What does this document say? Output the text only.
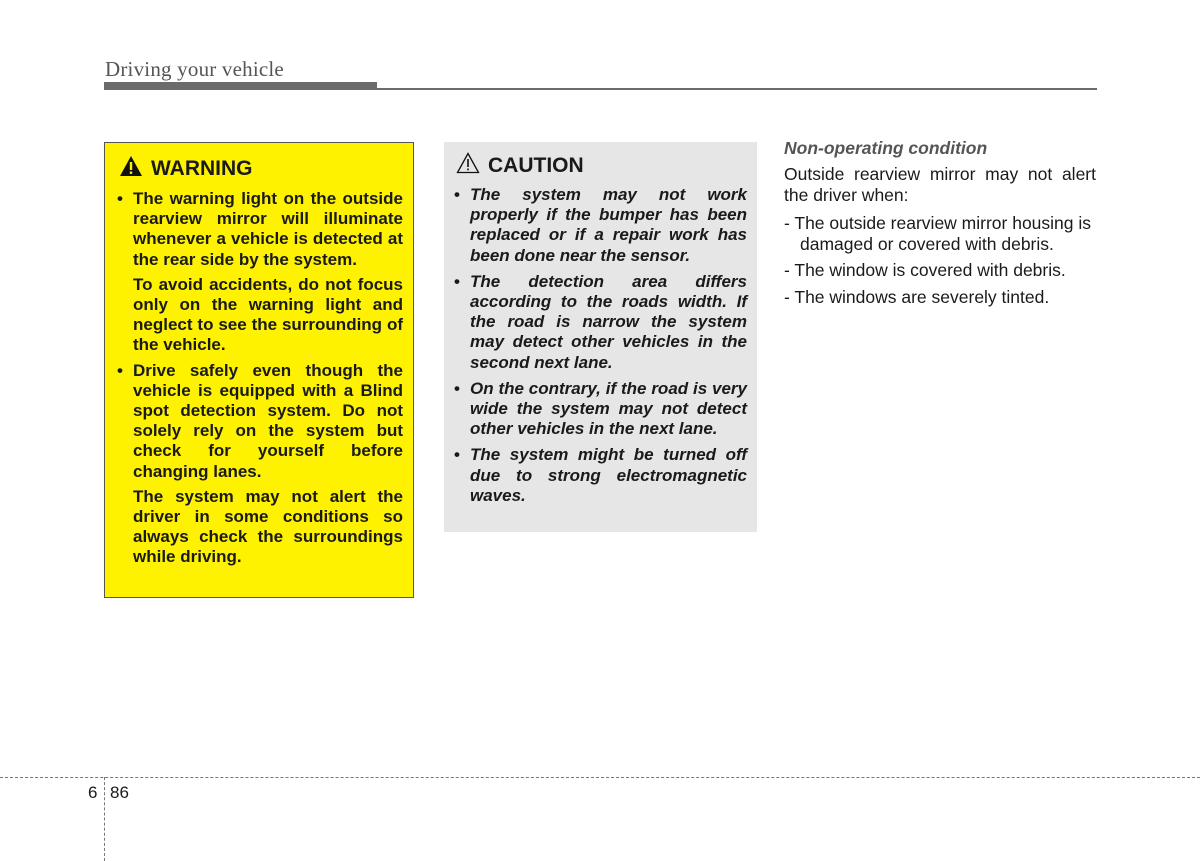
Driving your vehicle
WARNING
• The warning light on the outside rearview mirror will illuminate whenever a vehicle is detected at the rear side by the system.

To avoid accidents, do not focus only on the warning light and neglect to see the surrounding of the vehicle.

• Drive safely even though the vehicle is equipped with a Blind spot detection system. Do not solely rely on the system but check for yourself before changing lanes.

The system may not alert the driver in some conditions so always check the surroundings while driving.

CAUTION
• The system may not work properly if the bumper has been replaced or if a repair work has been done near the sensor.
• The detection area differs according to the roads width. If the road is narrow the system may detect other vehicles in the second next lane.
• On the contrary, if the road is very wide the system may not detect other vehicles in the next lane.
• The system might be turned off due to strong electromagnetic waves.
Non-operating condition

Outside rearview mirror may not alert the driver when:

- The outside rearview mirror housing is damaged or covered with debris.

- The window is covered with debris.

- The windows are severely tinted.

6 86
